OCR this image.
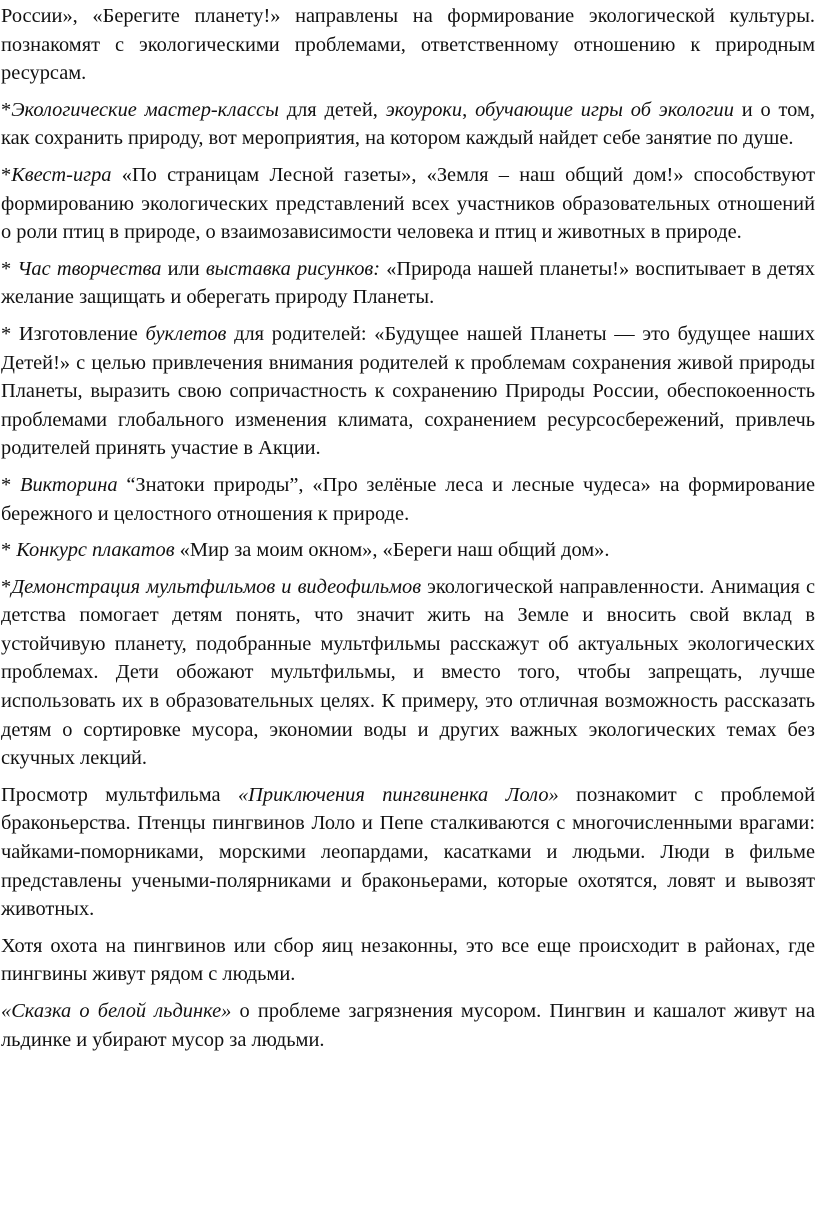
России», «Берегите планету!» направлены на формирование экологической культуры. познакомят с экологическими проблемами, ответственному отношению к природным ресурсам.

*Экологические мастер-классы для детей, экоуроки, обучающие игры об экологии и о том, как сохранить природу, вот мероприятия, на котором каждый найдет себе занятие по душе.

*Квест-игра «По страницам Лесной газеты», «Земля – наш общий дом!» способствуют формированию экологических представлений всех участников образовательных отношений о роли птиц в природе, о взаимозависимости человека и птиц и животных в природе.

* Час творчества или выставка рисунков: «Природа нашей планеты!» воспитывает в детях желание защищать и оберегать природу Планеты.

* Изготовление буклетов для родителей: «Будущее нашей Планеты — это будущее наших Детей!» с целью привлечения внимания родителей к проблемам сохранения живой природы Планеты, выразить свою сопричастность к сохранению Природы России, обеспокоенность проблемами глобального изменения климата, сохранением ресурсосбережений, привлечь родителей принять участие в Акции.

* Викторина “Знатоки природы”, «Про зелёные леса и лесные чудеса» на формирование бережного и целостного отношения к природе.

* Конкурс плакатов «Мир за моим окном», «Береги наш общий дом».

*Демонстрация мультфильмов и видеофильмов экологической направленности. Анимация с детства помогает детям понять, что значит жить на Земле и вносить свой вклад в устойчивую планету, подобранные мультфильмы расскажут об актуальных экологических проблемах. Дети обожают мультфильмы, и вместо того, чтобы запрещать, лучше использовать их в образовательных целях. К примеру, это отличная возможность рассказать детям о сортировке мусора, экономии воды и других важных экологических темах без скучных лекций.

Просмотр мультфильма «Приключения пингвиненка Лоло» познакомит с проблемой браконьерства. Птенцы пингвинов Лоло и Пепе сталкиваются с многочисленными врагами: чайками-поморниками, морскими леопардами, касатками и людьми. Люди в фильме представлены учеными-полярниками и браконьерами, которые охотятся, ловят и вывозят животных.

Хотя охота на пингвинов или сбор яиц незаконны, это все еще происходит в районах, где пингвины живут рядом с людьми.

«Сказка о белой льдинке» о проблеме загрязнения мусором. Пингвин и кашалот живут на льдинке и убирают мусор за людьми.
